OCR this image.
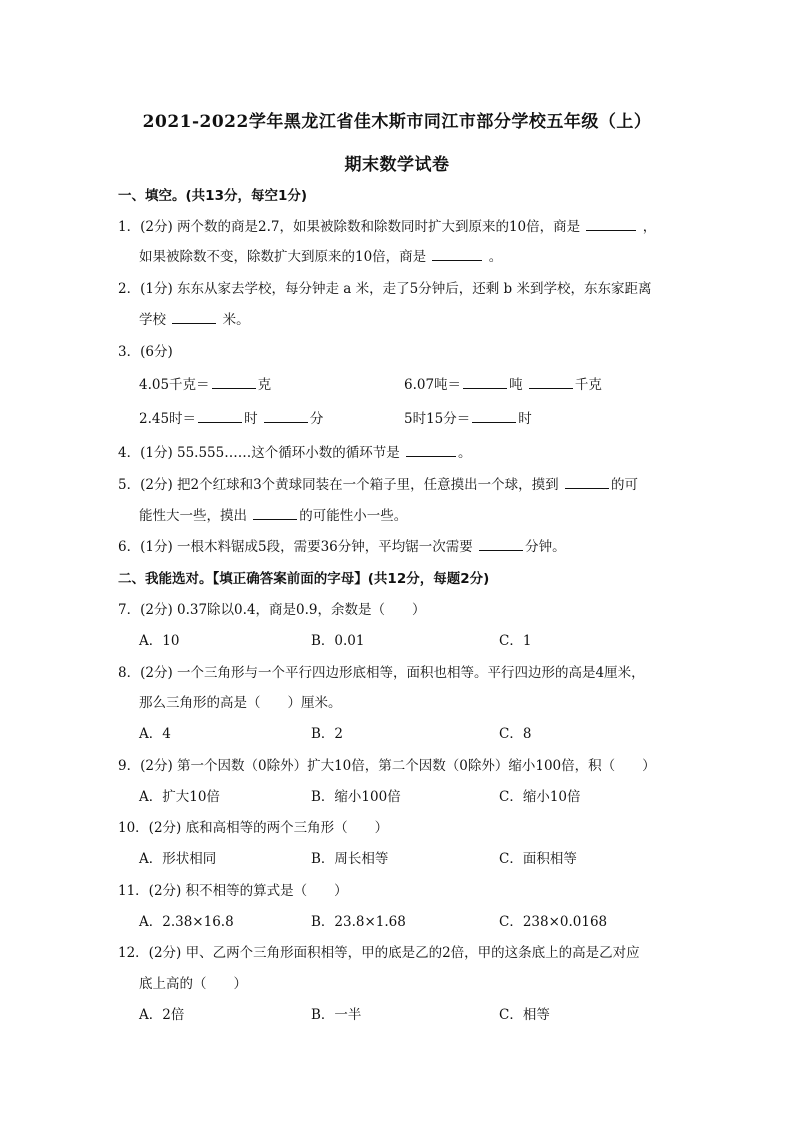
2021-2022学年黑龙江省佳木斯市同江市部分学校五年级（上）
期末数学试卷
一、填空。(共13分，每空1分)
1．(2分) 两个数的商是2.7，如果被除数和除数同时扩大到原来的10倍，商是	，
如果被除数不变，除数扩大到原来的10倍，商是	。
2．(1分) 东东从家去学校，每分钟走 a 米，走了5分钟后，还剩 b 米到学校，东东家距离
学校	米。
3．(6分)
4.05千克＝	克	6.07吨＝	吨	千克
2.45时＝	时	分	5时15分＝	时
4．(1分) 55.555……这个循环小数的循环节是	。
5．(2分) 把2个红球和3个黄球同装在一个箱子里，任意摸出一个球，摸到	的可
能性大一些，摸出	的可能性小一些。
6．(1分) 一根木料锯成5段，需要36分钟，平均锯一次需要	分钟。
二、我能选对。【填正确答案前面的字母】(共12分，每题2分)
7．(2分) 0.37除以0.4，商是0.9，余数是（　　）
A．10	B．0.01	C．1
8．(2分) 一个三角形与一个平行四边形底相等，面积也相等。平行四边形的高是4厘米，
那么三角形的高是（　　）厘米。
A．4	B．2	C．8
9．(2分) 第一个因数（0除外）扩大10倍，第二个因数（0除外）缩小100倍，积（　　）
A．扩大10倍	B．缩小100倍	C．缩小10倍
10．(2分) 底和高相等的两个三角形（　　）
A．形状相同	B．周长相等	C．面积相等
11．(2分) 积不相等的算式是（　　）
A．2.38×16.8	B．23.8×1.68	C．238×0.0168
12．(2分) 甲、乙两个三角形面积相等，甲的底是乙的2倍，甲的这条底上的高是乙对应
底上高的（　　）
A．2倍	B．一半	C．相等
